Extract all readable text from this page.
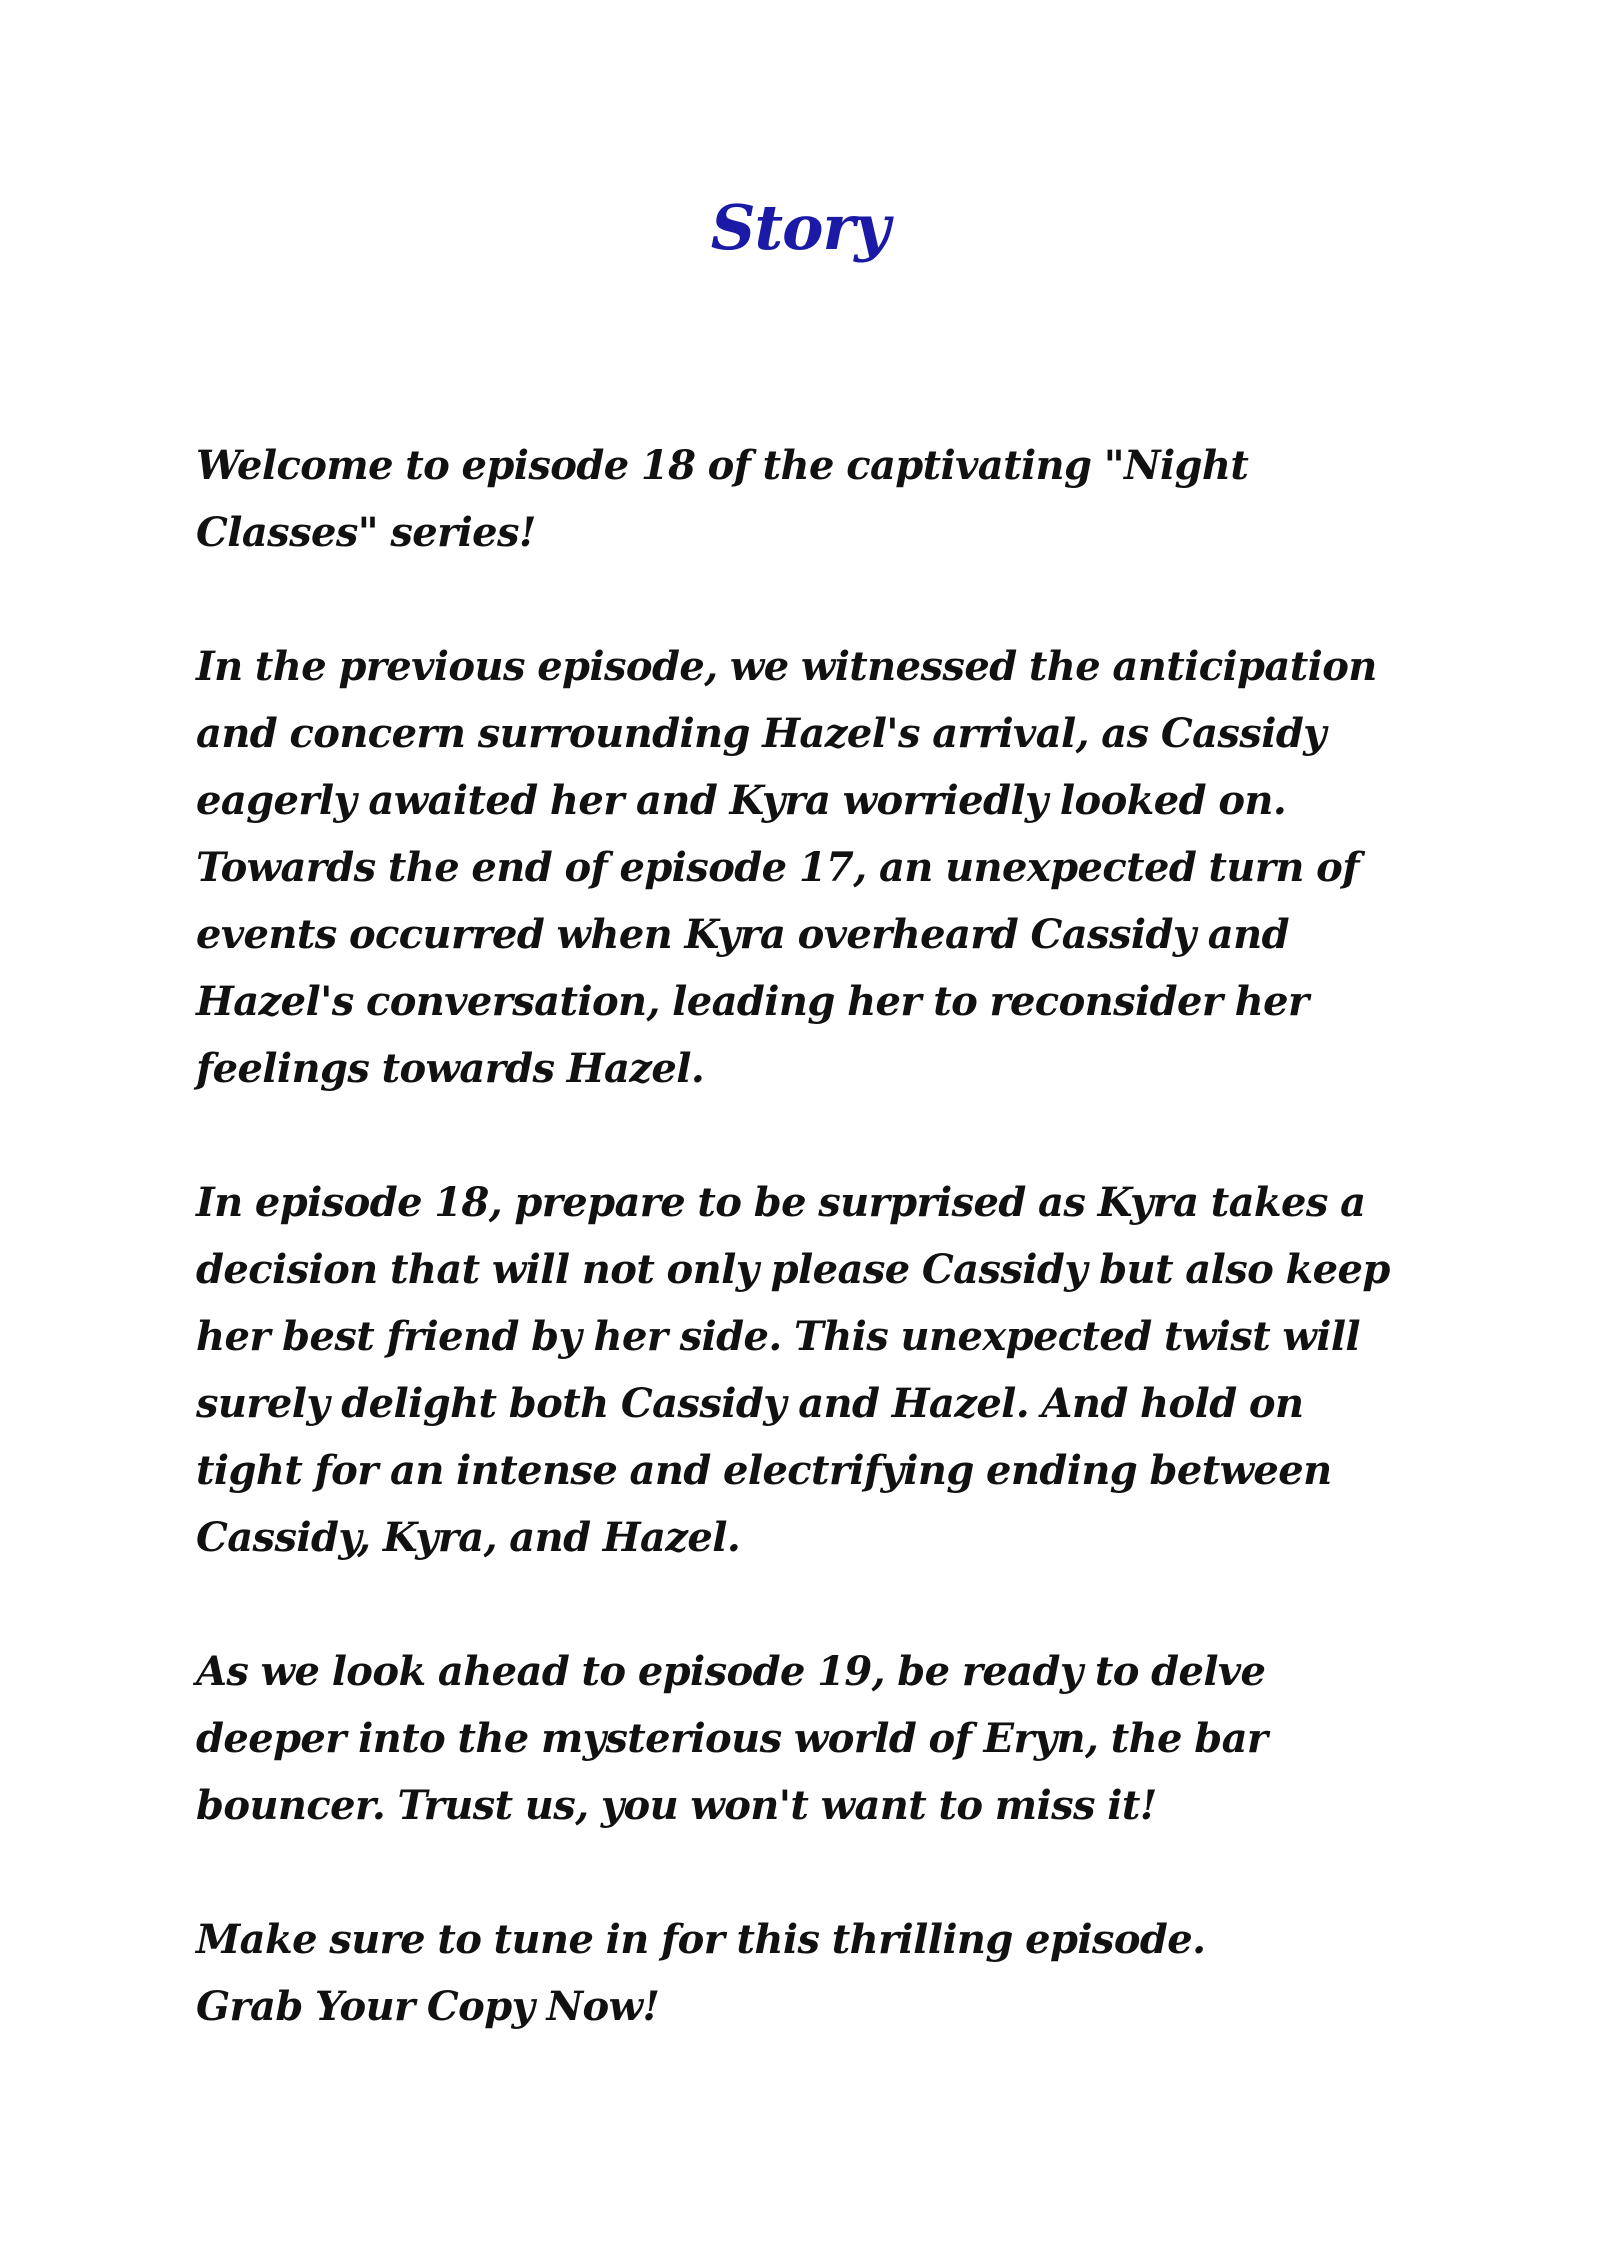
Story

Welcome to episode 18 of the captivating "Night Classes" series!

In the previous episode, we witnessed the anticipation and concern surrounding Hazel's arrival, as Cassidy eagerly awaited her and Kyra worriedly looked on. Towards the end of episode 17, an unexpected turn of events occurred when Kyra overheard Cassidy and Hazel's conversation, leading her to reconsider her feelings towards Hazel.

In episode 18, prepare to be surprised as Kyra takes a decision that will not only please Cassidy but also keep her best friend by her side. This unexpected twist will surely delight both Cassidy and Hazel. And hold on tight for an intense and electrifying ending between Cassidy, Kyra, and Hazel.

As we look ahead to episode 19, be ready to delve deeper into the mysterious world of Eryn, the bar bouncer. Trust us, you won't want to miss it!

Make sure to tune in for this thrilling episode.
Grab Your Copy Now!
